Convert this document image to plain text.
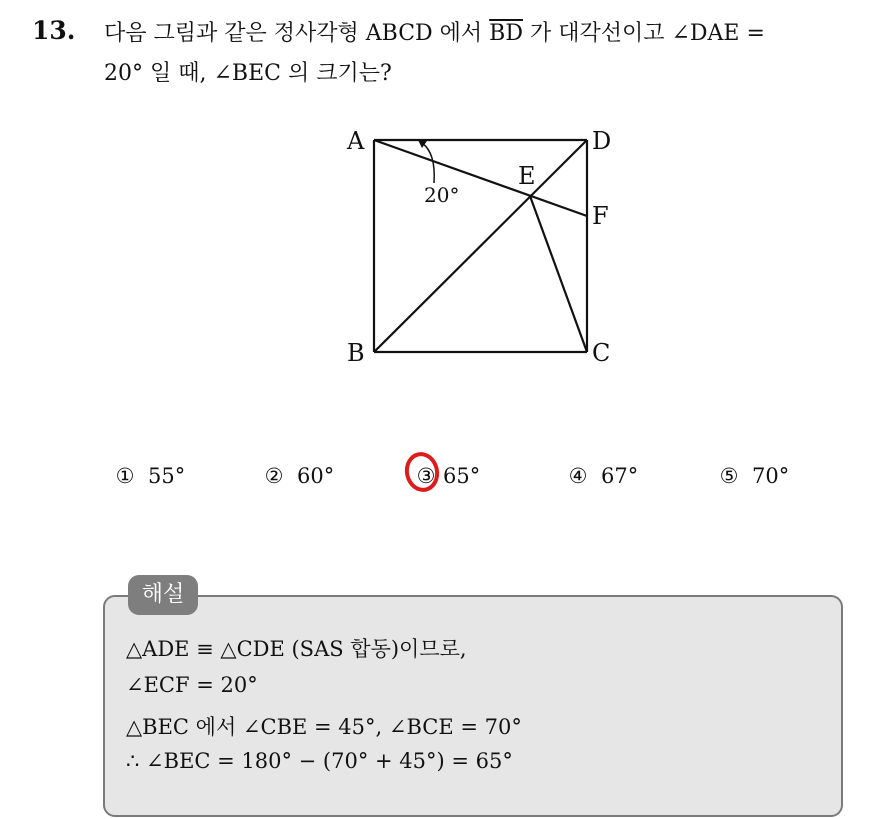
13. 다음 그림과 같은 정사각형 ABCD 에서 $\overline{BD}$ 가 대각선이고 ∠DAE =
20° 일 때, ∠BEC 의 크기는?
20°
A	D
E
F
B	C
① 55°	② 60°	③ 65°	④ 67°	⑤ 70°
해설
△ADE ≡ △CDE (SAS 합동)이므로,
∠ECF = 20°
△BEC 에서 ∠CBE = 45°, ∠BCE = 70°
∴ ∠BEC = 180° − (70° + 45°) = 65°
